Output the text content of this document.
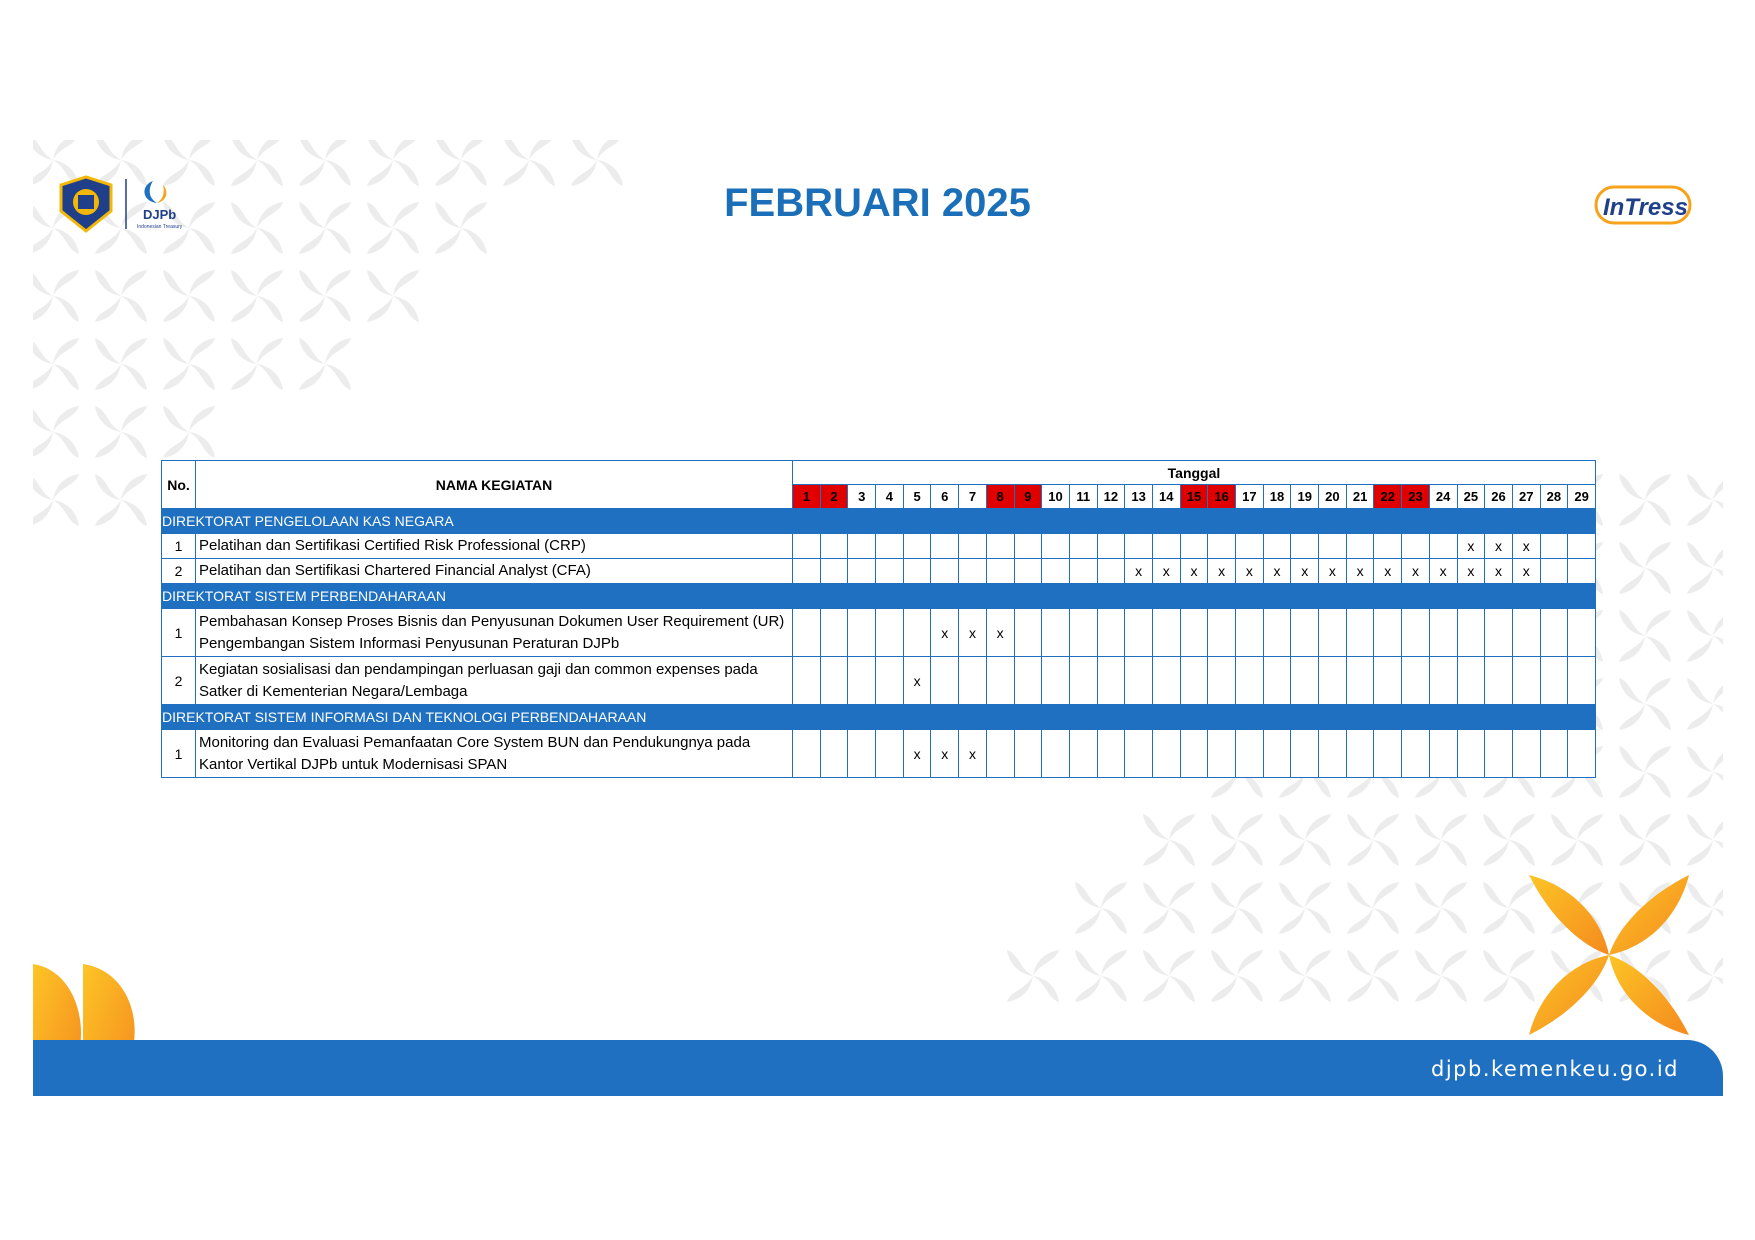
DJPb
Indonesian Treasury
FEBRUARI 2025	InTress
No.	NAMA KEGIATAN	Tanggal																												
		1	2	3	4	5	6	7	8	9	10	11	12	13	14	15	16	17	18	19	20	21	22	23	24	25	26	27	28	29
DIREKTORAT PENGELOLAAN KAS NEGARA																														
1	Pelatihan dan Sertifikasi Certified Risk Professional (CRP)																									x	x	x		
2	Pelatihan dan Sertifikasi Chartered Financial Analyst (CFA)													x	x	x	x	x	x	x	x	x	x	x	x	x	x	x		
DIREKTORAT SISTEM PERBENDAHARAAN																														
1	Pembahasan Konsep Proses Bisnis dan Penyusunan Dokumen User Requirement (UR) Pengembangan Sistem Informasi Penyusunan Peraturan DJPb						x	x	x																					
2	Kegiatan sosialisasi dan pendampingan perluasan gaji dan common expenses pada Satker di Kementerian Negara/Lembaga					x																								
DIREKTORAT SISTEM INFORMASI DAN TEKNOLOGI PERBENDAHARAAN																														
1	Monitoring dan Evaluasi Pemanfaatan Core System BUN dan Pendukungnya pada Kantor Vertikal DJPb untuk Modernisasi SPAN					x	x	x																						
djpb.kemenkeu.go.id
